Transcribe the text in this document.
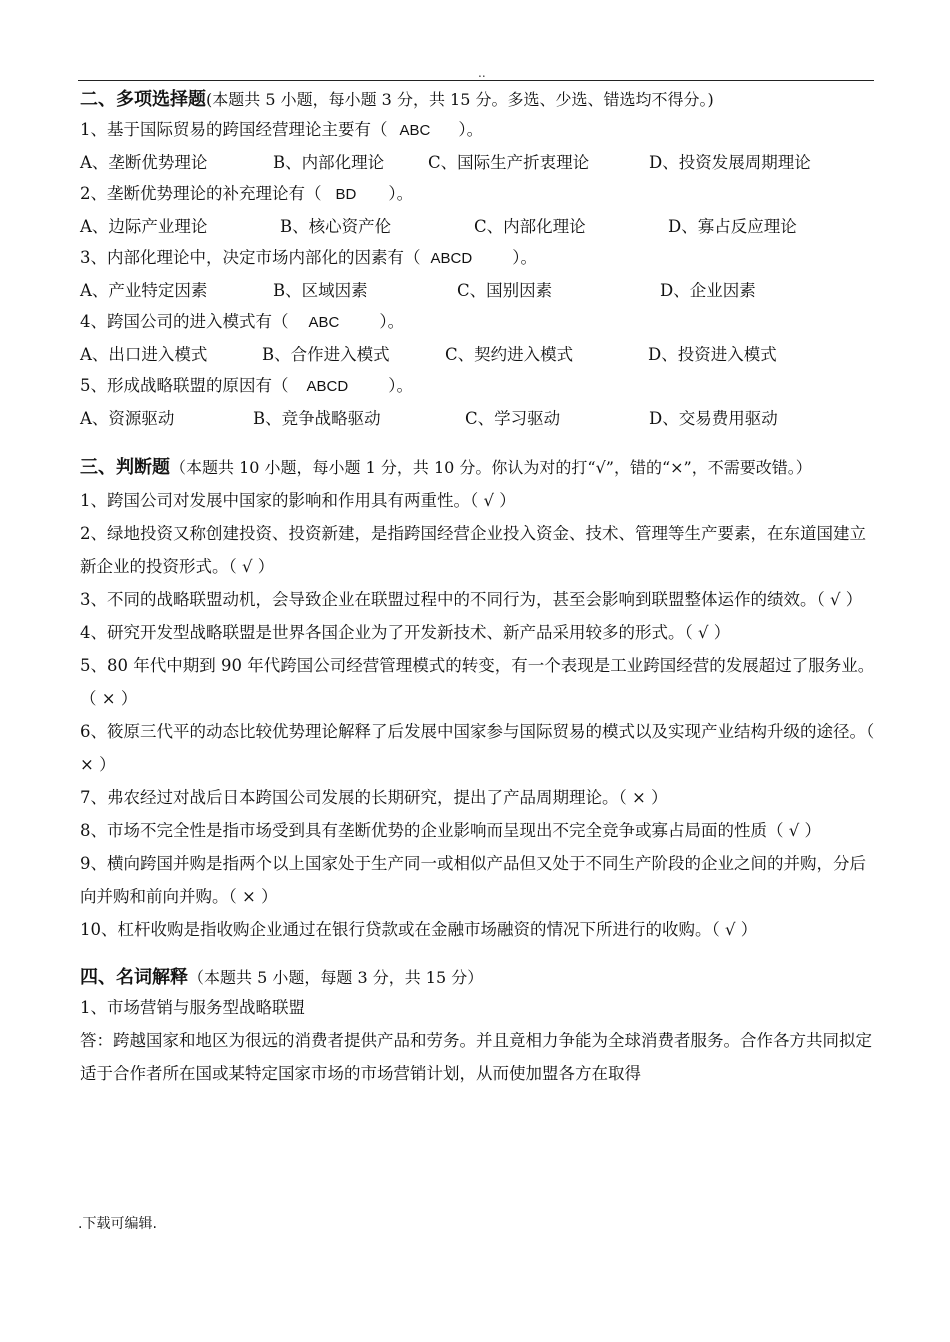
..
二、多项选择题(本题共 5 小题，每小题 3 分，共 15 分。多选、少选、错选均不得分。)
1、基于国际贸易的跨国经营理论主要有（ ABC ）。
A、垄断优势理论	B、内部化理论	C、国际生产折衷理论	D、投资发展周期理论
2、垄断优势理论的补充理论有（ BD ）。
A、边际产业理论	B、核心资产伦	C、内部化理论	D、寡占反应理论
3、内部化理论中，决定市场内部化的因素有（ ABCD ）。
A、产业特定因素	B、区域因素	C、国别因素	D、企业因素
4、跨国公司的进入模式有（ ABC ）。
A、出口进入模式	B、合作进入模式	C、契约进入模式	D、投资进入模式
5、形成战略联盟的原因有（ ABCD ）。
A、资源驱动	B、竞争战略驱动	C、学习驱动	D、交易费用驱动
三、判断题（本题共 10 小题，每小题 1 分，共 10 分。你认为对的打“√”，错的“×”，不需要改错。）

1、跨国公司对发展中国家的影响和作用具有两重性。（ √ ）

2、绿地投资又称创建投资、投资新建，是指跨国经营企业投入资金、技术、管理等生产要素，在东道国建立新企业的投资形式。（ √ ）

3、不同的战略联盟动机，会导致企业在联盟过程中的不同行为，甚至会影响到联盟整体运作的绩效。（ √ ）

4、研究开发型战略联盟是世界各国企业为了开发新技术、新产品采用较多的形式。（ √ ）

5、80 年代中期到 90 年代跨国公司经营管理模式的转变，有一个表现是工业跨国经营的发展超过了服务业。（ × ）

6、筱原三代平的动态比较优势理论解释了后发展中国家参与国际贸易的模式以及实现产业结构升级的途径。（ × ）

7、弗农经过对战后日本跨国公司发展的长期研究，提出了产品周期理论。（ × ）

8、市场不完全性是指市场受到具有垄断优势的企业影响而呈现出不完全竞争或寡占局面的性质（ √ ）

9、横向跨国并购是指两个以上国家处于生产同一或相似产品但又处于不同生产阶段的企业之间的并购，分后向并购和前向并购。（ × ）

10、杠杆收购是指收购企业通过在银行贷款或在金融市场融资的情况下所进行的收购。（ √ ）

四、名词解释（本题共 5 小题，每题 3 分，共 15 分）

1、市场营销与服务型战略联盟

答：跨越国家和地区为很远的消费者提供产品和劳务。并且竟相力争能为全球消费者服务。合作各方共同拟定适于合作者所在国或某特定国家市场的市场营销计划，从而使加盟各方在取得

.下载可编辑.
